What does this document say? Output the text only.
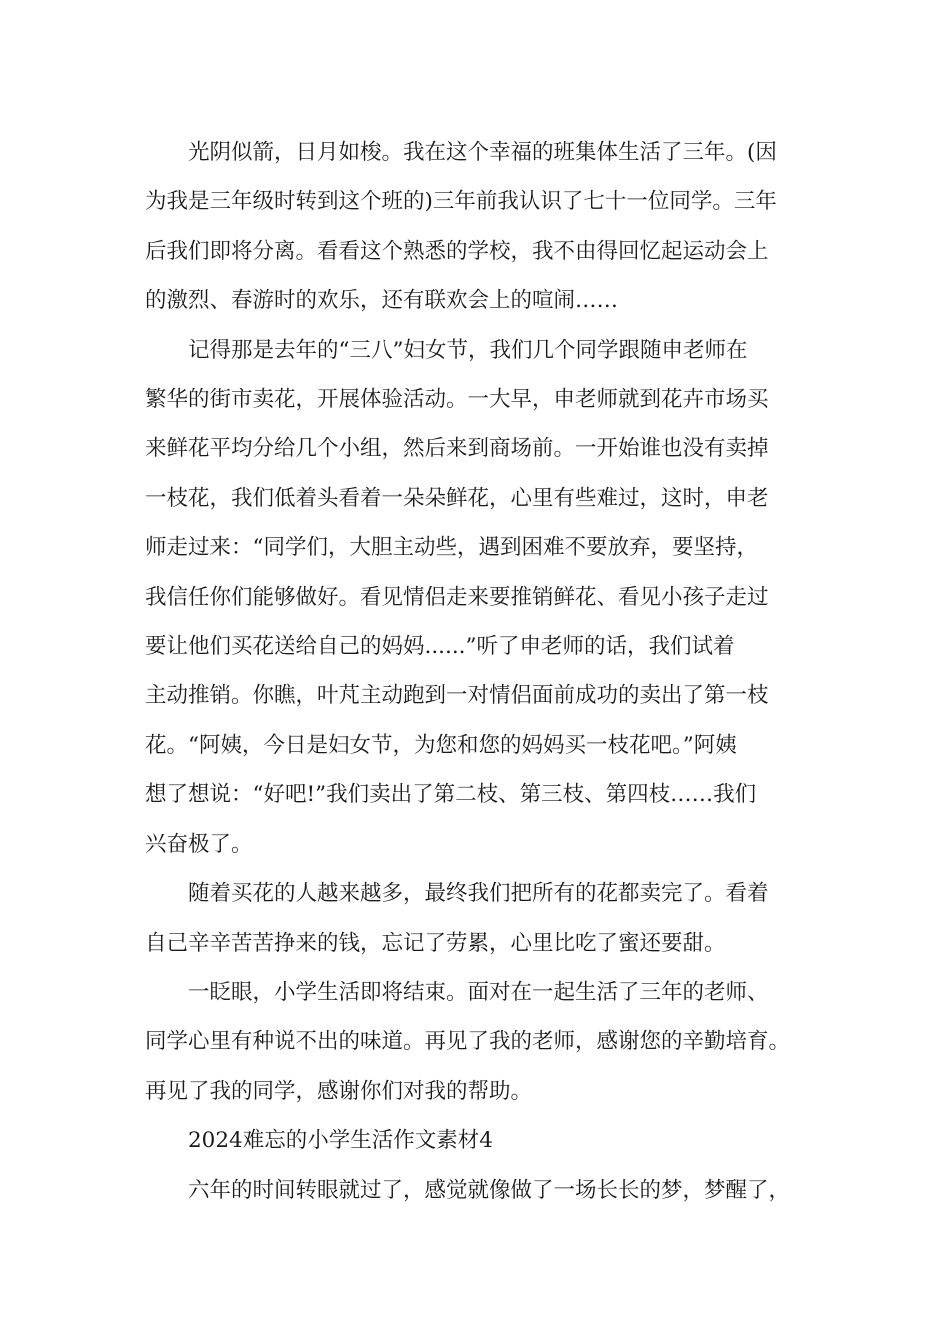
光阴似箭，日月如梭。我在这个幸福的班集体生活了三年。(因
为我是三年级时转到这个班的)三年前我认识了七十一位同学。三年
后我们即将分离。看看这个熟悉的学校，我不由得回忆起运动会上
的激烈、春游时的欢乐，还有联欢会上的喧闹……
记得那是去年的“三八”妇女节，我们几个同学跟随申老师在
繁华的街市卖花，开展体验活动。一大早，申老师就到花卉市场买
来鲜花平均分给几个小组，然后来到商场前。一开始谁也没有卖掉
一枝花，我们低着头看着一朵朵鲜花，心里有些难过，这时，申老
师走过来：“同学们，大胆主动些，遇到困难不要放弃，要坚持，
我信任你们能够做好。看见情侣走来要推销鲜花、看见小孩子走过
要让他们买花送给自己的妈妈......”听了申老师的话，我们试着
主动推销。你瞧，叶芃主动跑到一对情侣面前成功的卖出了第一枝
花。“阿姨，今日是妇女节，为您和您的妈妈买一枝花吧。”阿姨
想了想说：“好吧!”我们卖出了第二枝、第三枝、第四枝……我们
兴奋极了。
随着买花的人越来越多，最终我们把所有的花都卖完了。看着
自己辛辛苦苦挣来的钱，忘记了劳累，心里比吃了蜜还要甜。
一眨眼，小学生活即将结束。面对在一起生活了三年的老师、
同学心里有种说不出的味道。再见了我的老师，感谢您的辛勤培育。
再见了我的同学，感谢你们对我的帮助。
2024难忘的小学生活作文素材4
六年的时间转眼就过了，感觉就像做了一场长长的梦，梦醒了，
